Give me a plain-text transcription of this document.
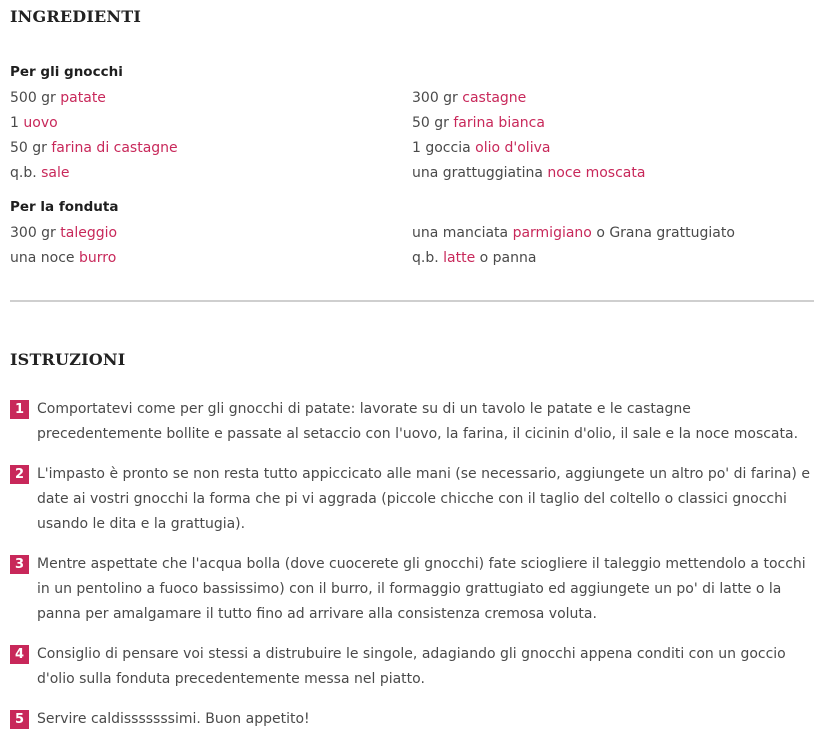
INGREDIENTI
Per gli gnocchi
500 gr patate
1 uovo
50 gr farina di castagne
q.b. sale
300 gr castagne
50 gr farina bianca
1 goccia olio d'oliva
una grattuggiatina noce moscata
Per la fonduta
300 gr taleggio
una noce burro
una manciata parmigiano o Grana grattugiato
q.b. latte o panna
ISTRUZIONI
1 Comportatevi come per gli gnocchi di patate: lavorate su di un tavolo le patate e le castagne precedentemente bollite e passate al setaccio con l'uovo, la farina, il cicinin d'olio, il sale e la noce moscata.
2 L'impasto è pronto se non resta tutto appiccicato alle mani (se necessario, aggiungete un altro po' di farina) e date ai vostri gnocchi la forma che pi vi aggrada (piccole chicche con il taglio del coltello o classici gnocchi usando le dita e la grattugia).
3 Mentre aspettate che l'acqua bolla (dove cuocerete gli gnocchi) fate sciogliere il taleggio mettendolo a tocchi in un pentolino a fuoco bassissimo) con il burro, il formaggio grattugiato ed aggiungete un po' di latte o la panna per amalgamare il tutto fino ad arrivare alla consistenza cremosa voluta.
4 Consiglio di pensare voi stessi a distrubuire le singole, adagiando gli gnocchi appena conditi con un goccio d'olio sulla fonduta precedentemente messa nel piatto.
5 Servire caldisssssssimi. Buon appetito!
